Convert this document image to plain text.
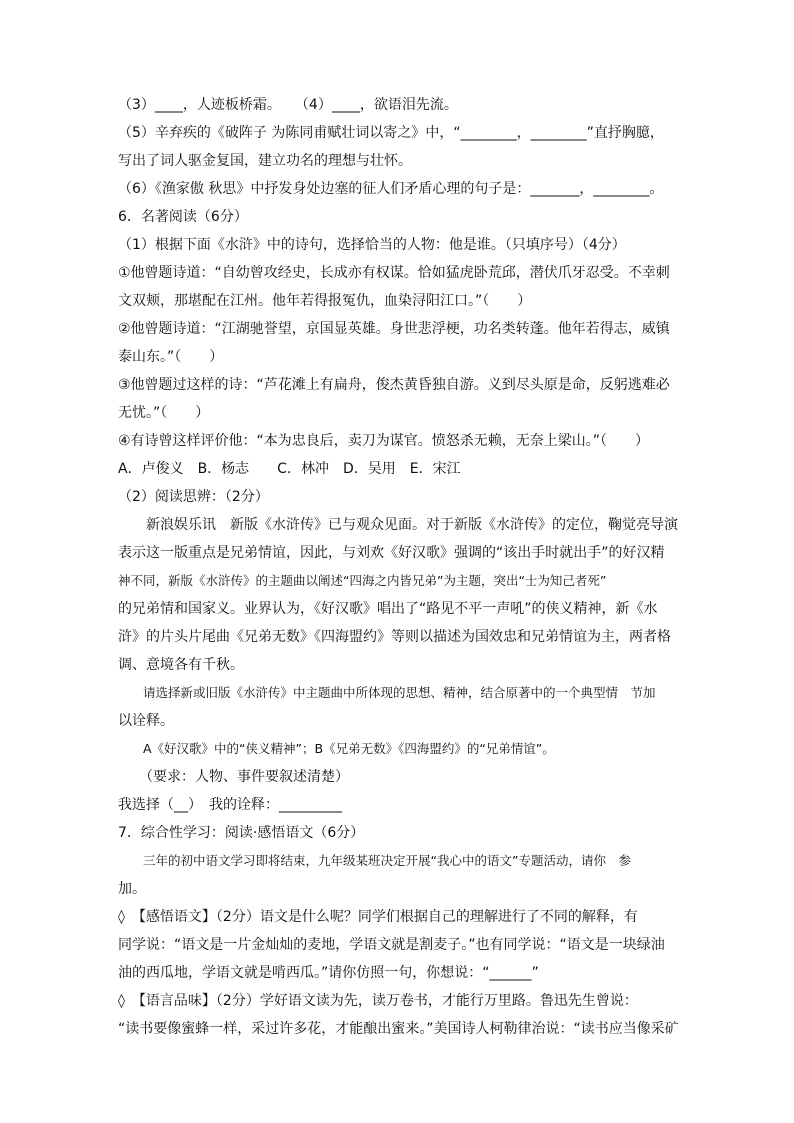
（3）____，人迹板桥霜。　　（4）____，欲语泪先流。
（5）辛弃疾的《破阵子 为陈同甫赋壮词以寄之》中，“________，________”直抒胸臆，
写出了词人驱金复国，建立功名的理想与壮怀。
（6）《渔家傲 秋思》中抒发身处边塞的征人们矛盾心理的句子是：_______，________。
6．名著阅读（6分）
（1）根据下面《水浒》中的诗句，选择恰当的人物：他是谁。（只填序号）（4分）
①他曾题诗道：“自幼曾攻经史，长成亦有权谋。恰如猛虎卧荒邱，潜伏爪牙忍受。不幸刺
文双颊，那堪配在江州。他年若得报冤仇，血染浔阳江口。”（　　）
②他曾题诗道：“江湖驰誉望，京国显英雄。身世悲浮梗，功名类转蓬。他年若得志，威镇
泰山东。”（　　）
③他曾题过这样的诗：“芦花滩上有扁舟，俊杰黄昏独自游。义到尽头原是命，反躬逃难必
无忧。”（　　）
④有诗曾这样评价他：“本为忠良后，卖刀为谋官。愤怒杀无赖，无奈上梁山。”（　　）
A．卢俊义　B．杨志　　C．林冲　D．吴用　E．宋江
（2）阅读思辨：（2分）
　　新浪娱乐讯　新版《水浒传》已与观众见面。对于新版《水浒传》的定位，鞠觉亮导演
表示这一版重点是兄弟情谊，因此，与刘欢《好汉歌》强调的“该出手时就出手”的好汉精
神不同，新版《水浒传》的主题曲以阐述“四海之内皆兄弟”为主题，突出“士为知己者死”
的兄弟情和国家义。业界认为，《好汉歌》唱出了“路见不平一声吼”的侠义精神，新《水
浒》的片头片尾曲《兄弟无数》《四海盟约》等则以描述为国效忠和兄弟情谊为主，两者格
调、意境各有千秋。
　　请选择新或旧版《水浒传》中主题曲中所体现的思想、精神，结合原著中的一个典型情　节加
以诠释。
　　A《好汉歌》中的“侠义精神”；B《兄弟无数》《四海盟约》的“兄弟情谊”。
　　（要求：人物、事件要叙述清楚）
我选择（__）　我的诠释：_________
7．综合性学习：阅读·感悟语文（6分）
　　三年的初中语文学习即将结束，九年级某班决定开展“我心中的语文”专题活动，请你　参
加。
◊　【感悟语文】（2分）语文是什么呢？同学们根据自己的理解进行了不同的解释，有
同学说：“语文是一片金灿灿的麦地，学语文就是割麦子。”也有同学说：“语文是一块绿油
油的西瓜地，学语文就是啃西瓜。”请你仿照一句，你想说：“______”
◊　【语言品味】（2分）学好语文读为先，读万卷书，才能行万里路。鲁迅先生曾说：
“读书要像蜜蜂一样，采过许多花，才能酿出蜜来。”美国诗人柯勒律治说：“读书应当像采矿
